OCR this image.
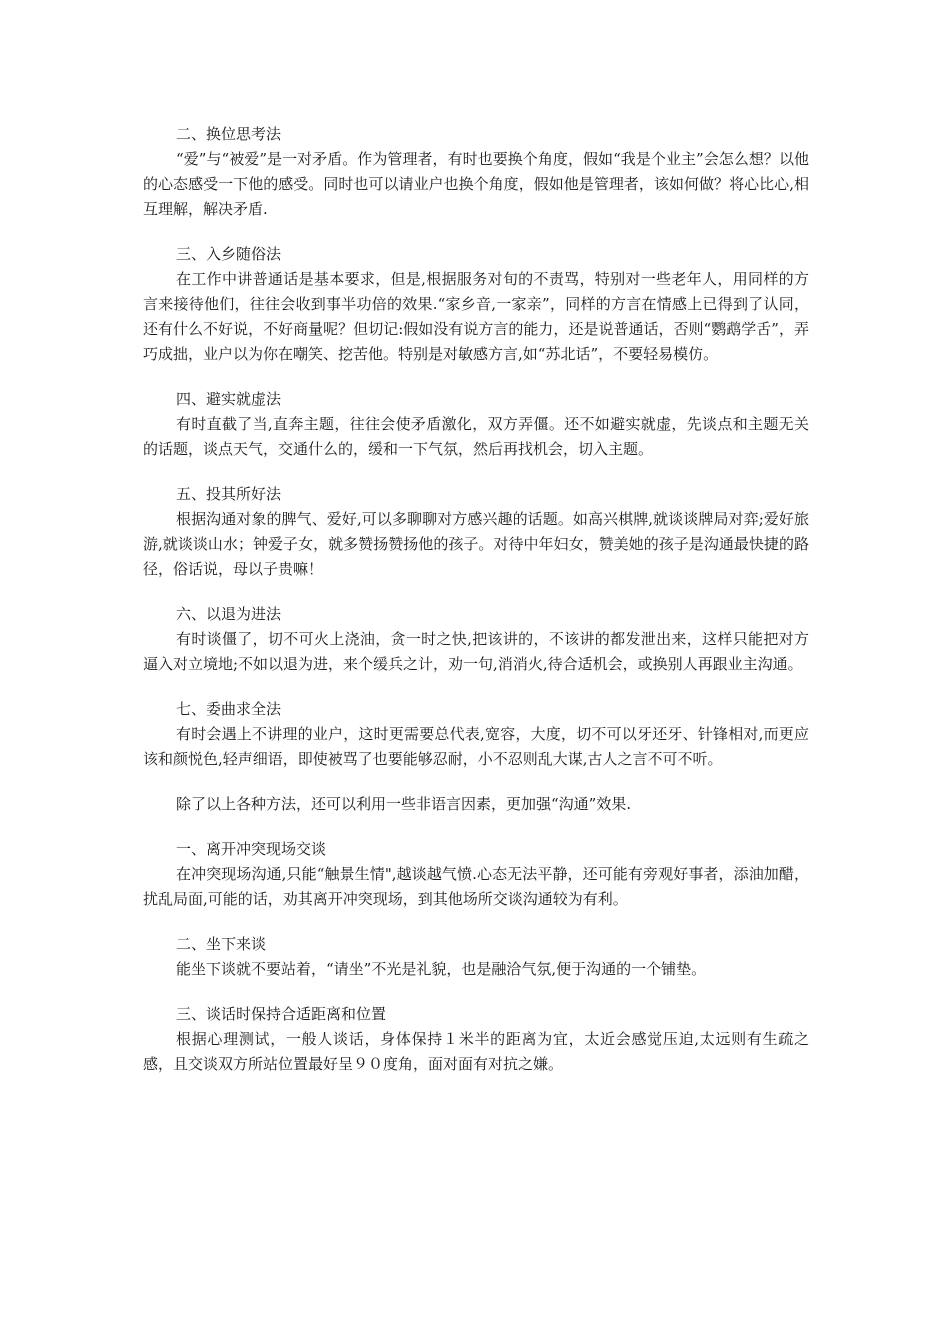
二、换位思考法

“爱”与“被爱”是一对矛盾。作为管理者，有时也要换个角度，假如“我是个业主”会怎么想？以他的心态感受一下他的感受。同时也可以请业户也换个角度，假如他是管理者，该如何做？将心比心,相互理解，解决矛盾.

三、入乡随俗法

在工作中讲普通话是基本要求，但是,根据服务对旬的不责骂，特别对一些老年人，用同样的方言来接待他们，往往会收到事半功倍的效果.“家乡音,一家亲”，同样的方言在情感上已得到了认同，还有什么不好说，不好商量呢？但切记:假如没有说方言的能力，还是说普通话，否则“鹦鹉学舌”，弄巧成拙，业户以为你在嘲笑、挖苦他。特别是对敏感方言,如“苏北话”，不要轻易模仿。

四、避实就虚法

有时直截了当,直奔主题，往往会使矛盾激化，双方弄僵。还不如避实就虚，先谈点和主题无关的话题，谈点天气，交通什么的，缓和一下气氛，然后再找机会，切入主题。

五、投其所好法

根据沟通对象的脾气、爱好,可以多聊聊对方感兴趣的话题。如高兴棋牌,就谈谈牌局对弈;爱好旅游,就谈谈山水；钟爱子女，就多赞扬赞扬他的孩子。对待中年妇女，赞美她的孩子是沟通最快捷的路径，俗话说，母以子贵嘛！

六、以退为进法

有时谈僵了，切不可火上浇油，贪一时之快,把该讲的，不该讲的都发泄出来，这样只能把对方逼入对立境地;不如以退为进，来个缓兵之计，劝一句,消消火,待合适机会，或换别人再跟业主沟通。

七、委曲求全法

有时会遇上不讲理的业户，这时更需要总代表,宽容，大度，切不可以牙还牙、针锋相对,而更应该和颜悦色,轻声细语，即使被骂了也要能够忍耐，小不忍则乱大谋,古人之言不可不听。

除了以上各种方法，还可以利用一些非语言因素，更加强“沟通”效果.

一、离开冲突现场交谈

在冲突现场沟通,只能“触景生情",越谈越气愤.心态无法平静，还可能有旁观好事者，添油加醋，扰乱局面,可能的话，劝其离开冲突现场，到其他场所交谈沟通较为有利。

二、坐下来谈

能坐下谈就不要站着，“请坐”不光是礼貌，也是融洽气氛,便于沟通的一个铺垫。

三、谈话时保持合适距离和位置

根据心理测试，一般人谈话，身体保持１米半的距离为宜，太近会感觉压迫,太远则有生疏之感，且交谈双方所站位置最好呈９０度角，面对面有对抗之嫌。
